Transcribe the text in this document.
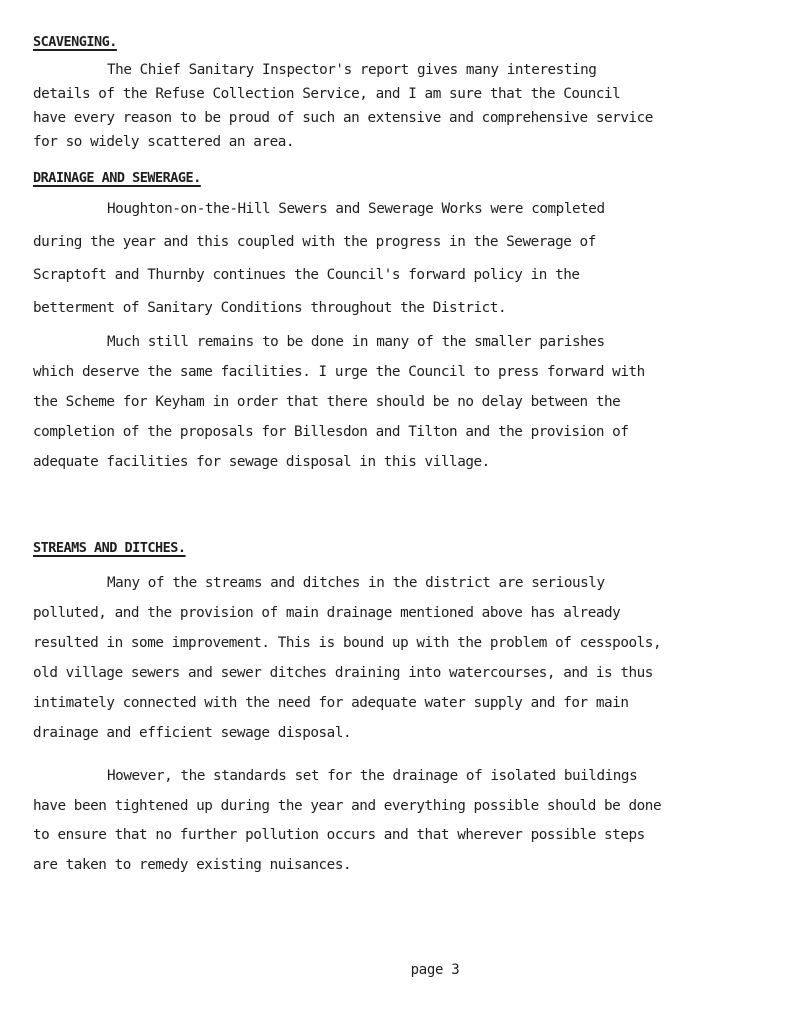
SCAVENGING.
The Chief Sanitary Inspector's report gives many interesting
details of the Refuse Collection Service, and I am sure that the Council
have every reason to be proud of such an extensive and comprehensive service
for so widely scattered an area.
DRAINAGE AND SEWERAGE.
Houghton-on-the-Hill Sewers and Sewerage Works were completed
during the year and this coupled with the progress in the Sewerage of
Scraptoft and Thurnby continues the Council's forward policy in the
betterment of Sanitary Conditions throughout the District.
Much still remains to be done in many of the smaller parishes
which deserve the same facilities. I urge the Council to press forward with
the Scheme for Keyham in order that there should be no delay between the
completion of the proposals for Billesdon and Tilton and the provision of
adequate facilities for sewage disposal in this village.
STREAMS AND DITCHES.
Many of the streams and ditches in the district are seriously
polluted, and the provision of main drainage mentioned above has already
resulted in some improvement. This is bound up with the problem of cesspools,
old village sewers and sewer ditches draining into watercourses, and is thus
intimately connected with the need for adequate water supply and for main
drainage and efficient sewage disposal.
However, the standards set for the drainage of isolated buildings
have been tightened up during the year and everything possible should be done
to ensure that no further pollution occurs and that wherever possible steps
are taken to remedy existing nuisances.
page 3
